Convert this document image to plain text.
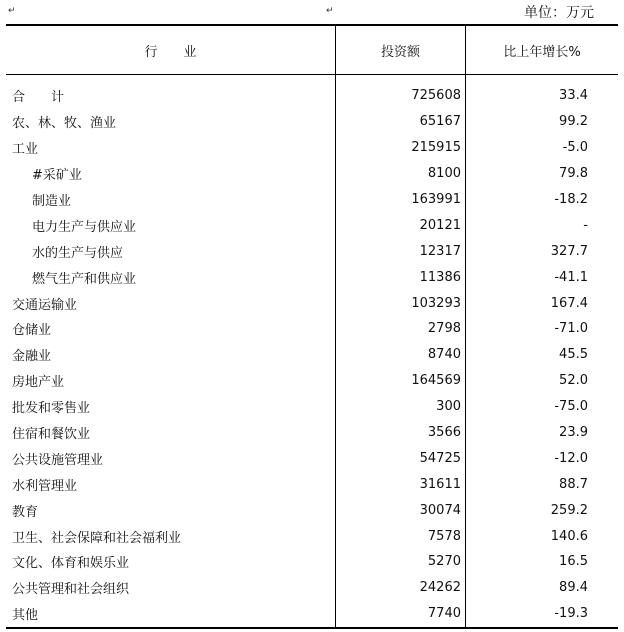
↵	↵	单位：万元
行　　业	投资额	比上年增长%

合　　计	725608	33.4
农、林、牧、渔业	65167	99.2
工业	215915	-5.0
#采矿业	8100	79.8
制造业	163991	-18.2
电力生产与供应业	20121	-
水的生产与供应	12317	327.7
燃气生产和供应业	11386	-41.1
交通运输业	103293	167.4
仓储业	2798	-71.0
金融业	8740	45.5
房地产业	164569	52.0
批发和零售业	300	-75.0
住宿和餐饮业	3566	23.9
公共设施管理业	54725	-12.0
水利管理业	31611	88.7
教育	30074	259.2
卫生、社会保障和社会福利业	7578	140.6
文化、体育和娱乐业	5270	16.5
公共管理和社会组织	24262	89.4
其他	7740	-19.3
